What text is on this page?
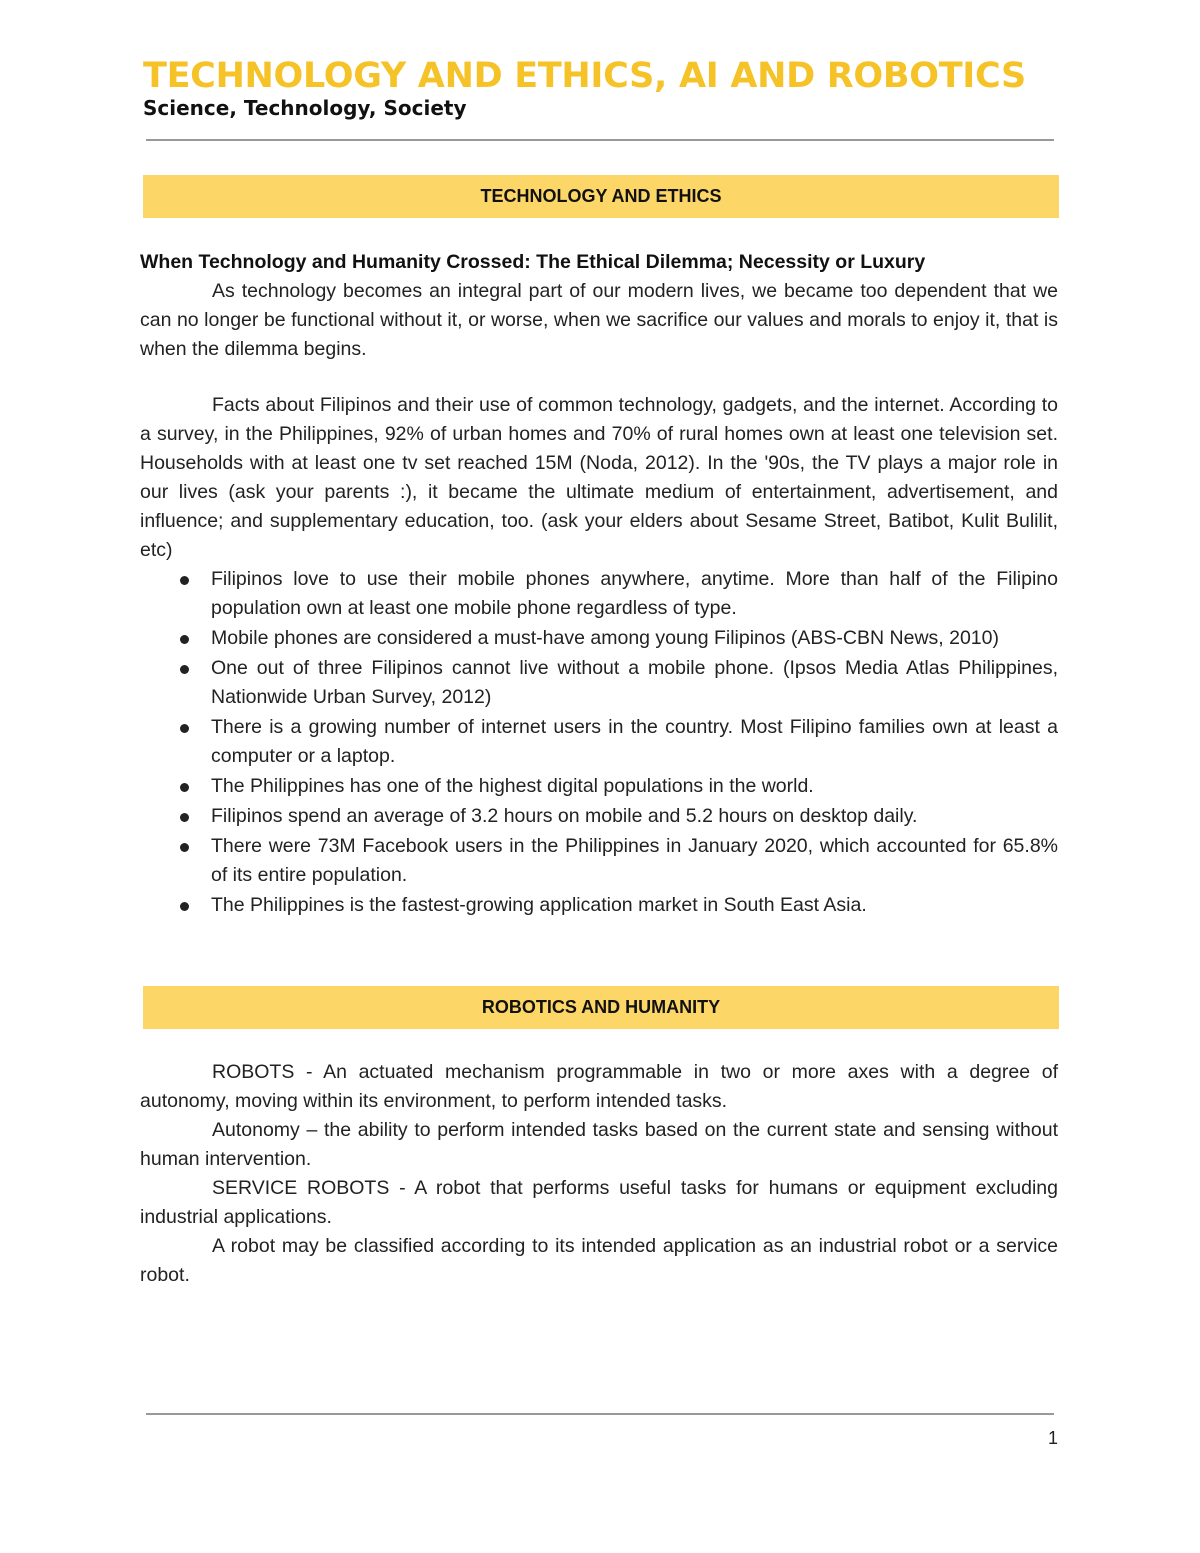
TECHNOLOGY AND ETHICS, AI AND ROBOTICS
Science, Technology, Society
TECHNOLOGY AND ETHICS

When Technology and Humanity Crossed: The Ethical Dilemma; Necessity or Luxury

As technology becomes an integral part of our modern lives, we became too dependent that we can no longer be functional without it, or worse, when we sacrifice our values and morals to enjoy it, that is when the dilemma begins.

Facts about Filipinos and their use of common technology, gadgets, and the internet. According to a survey, in the Philippines, 92% of urban homes and 70% of rural homes own at least one television set. Households with at least one tv set reached 15M (Noda, 2012). In the '90s, the TV plays a major role in our lives (ask your parents :), it became the ultimate medium of entertainment, advertisement, and influence; and supplementary education, too. (ask your elders about Sesame Street, Batibot, Kulit Bulilit, etc)

Filipinos love to use their mobile phones anywhere, anytime. More than half of the Filipino population own at least one mobile phone regardless of type.
Mobile phones are considered a must-have among young Filipinos (ABS-CBN News, 2010)
One out of three Filipinos cannot live without a mobile phone. (Ipsos Media Atlas Philippines, Nationwide Urban Survey, 2012)
There is a growing number of internet users in the country. Most Filipino families own at least a computer or a laptop.
The Philippines has one of the highest digital populations in the world.
Filipinos spend an average of 3.2 hours on mobile and 5.2 hours on desktop daily.
There were 73M Facebook users in the Philippines in January 2020, which accounted for 65.8% of its entire population.
The Philippines is the fastest-growing application market in South East Asia.
ROBOTICS AND HUMANITY

ROBOTS - An actuated mechanism programmable in two or more axes with a degree of autonomy, moving within its environment, to perform intended tasks.

Autonomy – the ability to perform intended tasks based on the current state and sensing without human intervention.

SERVICE ROBOTS - A robot that performs useful tasks for humans or equipment excluding industrial applications.

A robot may be classified according to its intended application as an industrial robot or a service robot.

1
